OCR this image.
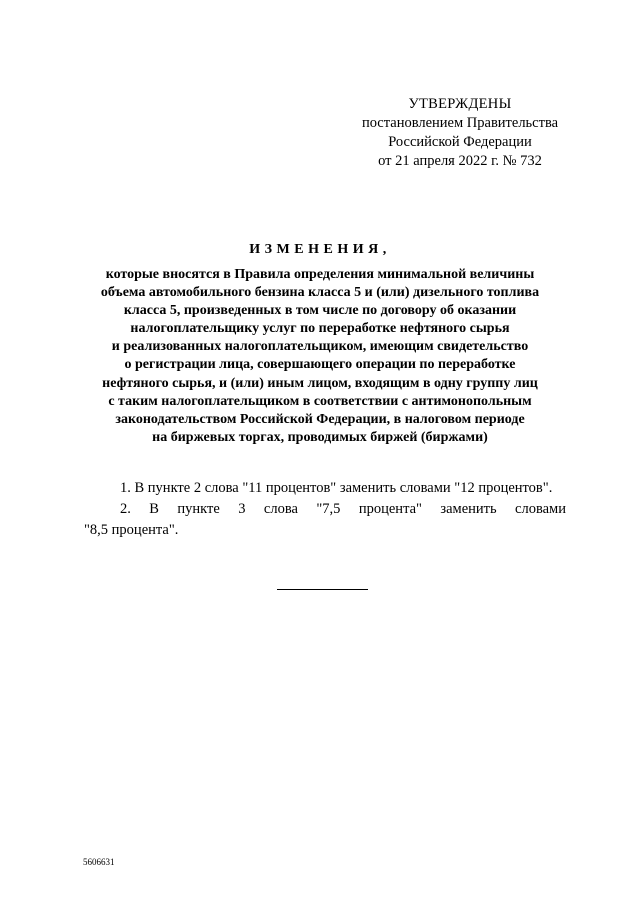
УТВЕРЖДЕНЫ
постановлением Правительства
Российской Федерации
от 21 апреля 2022 г. № 732
ИЗМЕНЕНИЯ,
которые вносятся в Правила определения минимальной величины
объема автомобильного бензина класса 5 и (или) дизельного топлива
класса 5, произведенных в том числе по договору об оказании
налогоплательщику услуг по переработке нефтяного сырья
и реализованных налогоплательщиком, имеющим свидетельство
о регистрации лица, совершающего операции по переработке
нефтяного сырья, и (или) иным лицом, входящим в одну группу лиц
с таким налогоплательщиком в соответствии с антимонопольным
законодательством Российской Федерации, в налоговом периоде
на биржевых торгах, проводимых биржей (биржами)
1. В пункте 2 слова "11 процентов" заменить словами "12 процентов".
2. В пункте 3 слова "7,5 процента" заменить словами
"8,5 процента".
5606631
